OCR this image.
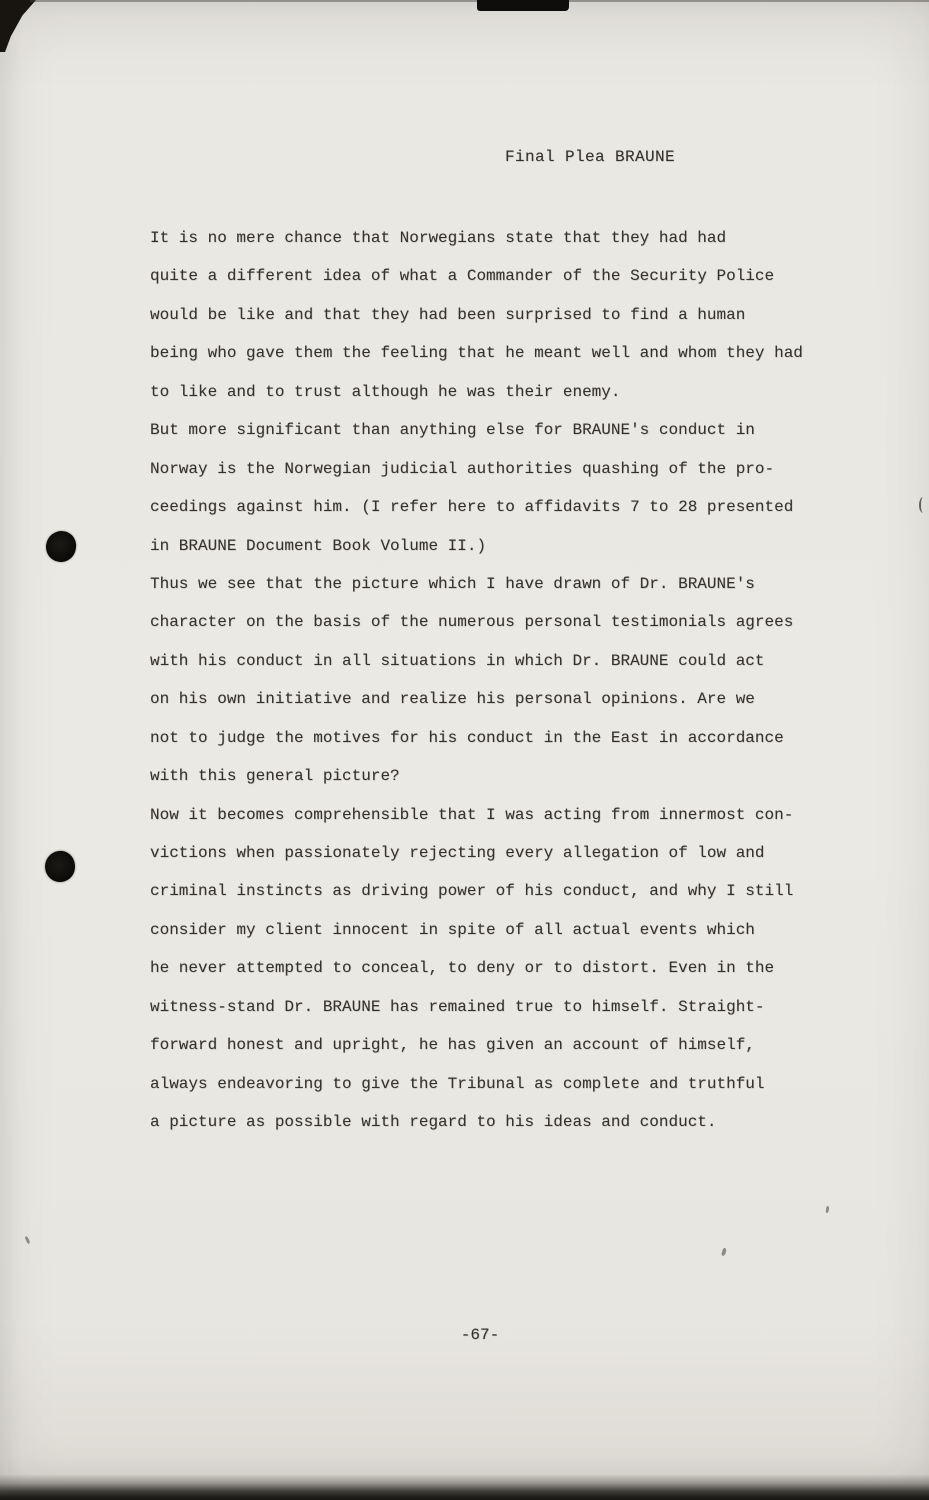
Final Plea BRAUNE
It is no mere chance that Norwegians state that they had had
quite a different idea of what a Commander of the Security Police
would be like and that they had been surprised to find a human
being who gave them the feeling that he meant well and whom they had
to like and to trust although he was their enemy.
But more significant than anything else for BRAUNE's conduct in
Norway is the Norwegian judicial authorities quashing of the pro-
ceedings against him. (I refer here to affidavits 7 to 28 presented
in BRAUNE Document Book Volume II.)
Thus we see that the picture which I have drawn of Dr. BRAUNE's
character on the basis of the numerous personal testimonials agrees
with his conduct in all situations in which Dr. BRAUNE could act
on his own initiative and realize his personal opinions. Are we
not to judge the motives for his conduct in the East in accordance
with this general picture?
Now it becomes comprehensible that I was acting from innermost con-
victions when passionately rejecting every allegation of low and
criminal instincts as driving power of his conduct, and why I still
consider my client innocent in spite of all actual events which
he never attempted to conceal, to deny or to distort. Even in the
witness-stand Dr. BRAUNE has remained true to himself. Straight-
forward honest and upright, he has given an account of himself,
always endeavoring to give the Tribunal as complete and truthful
a picture as possible with regard to his ideas and conduct.
-67-
